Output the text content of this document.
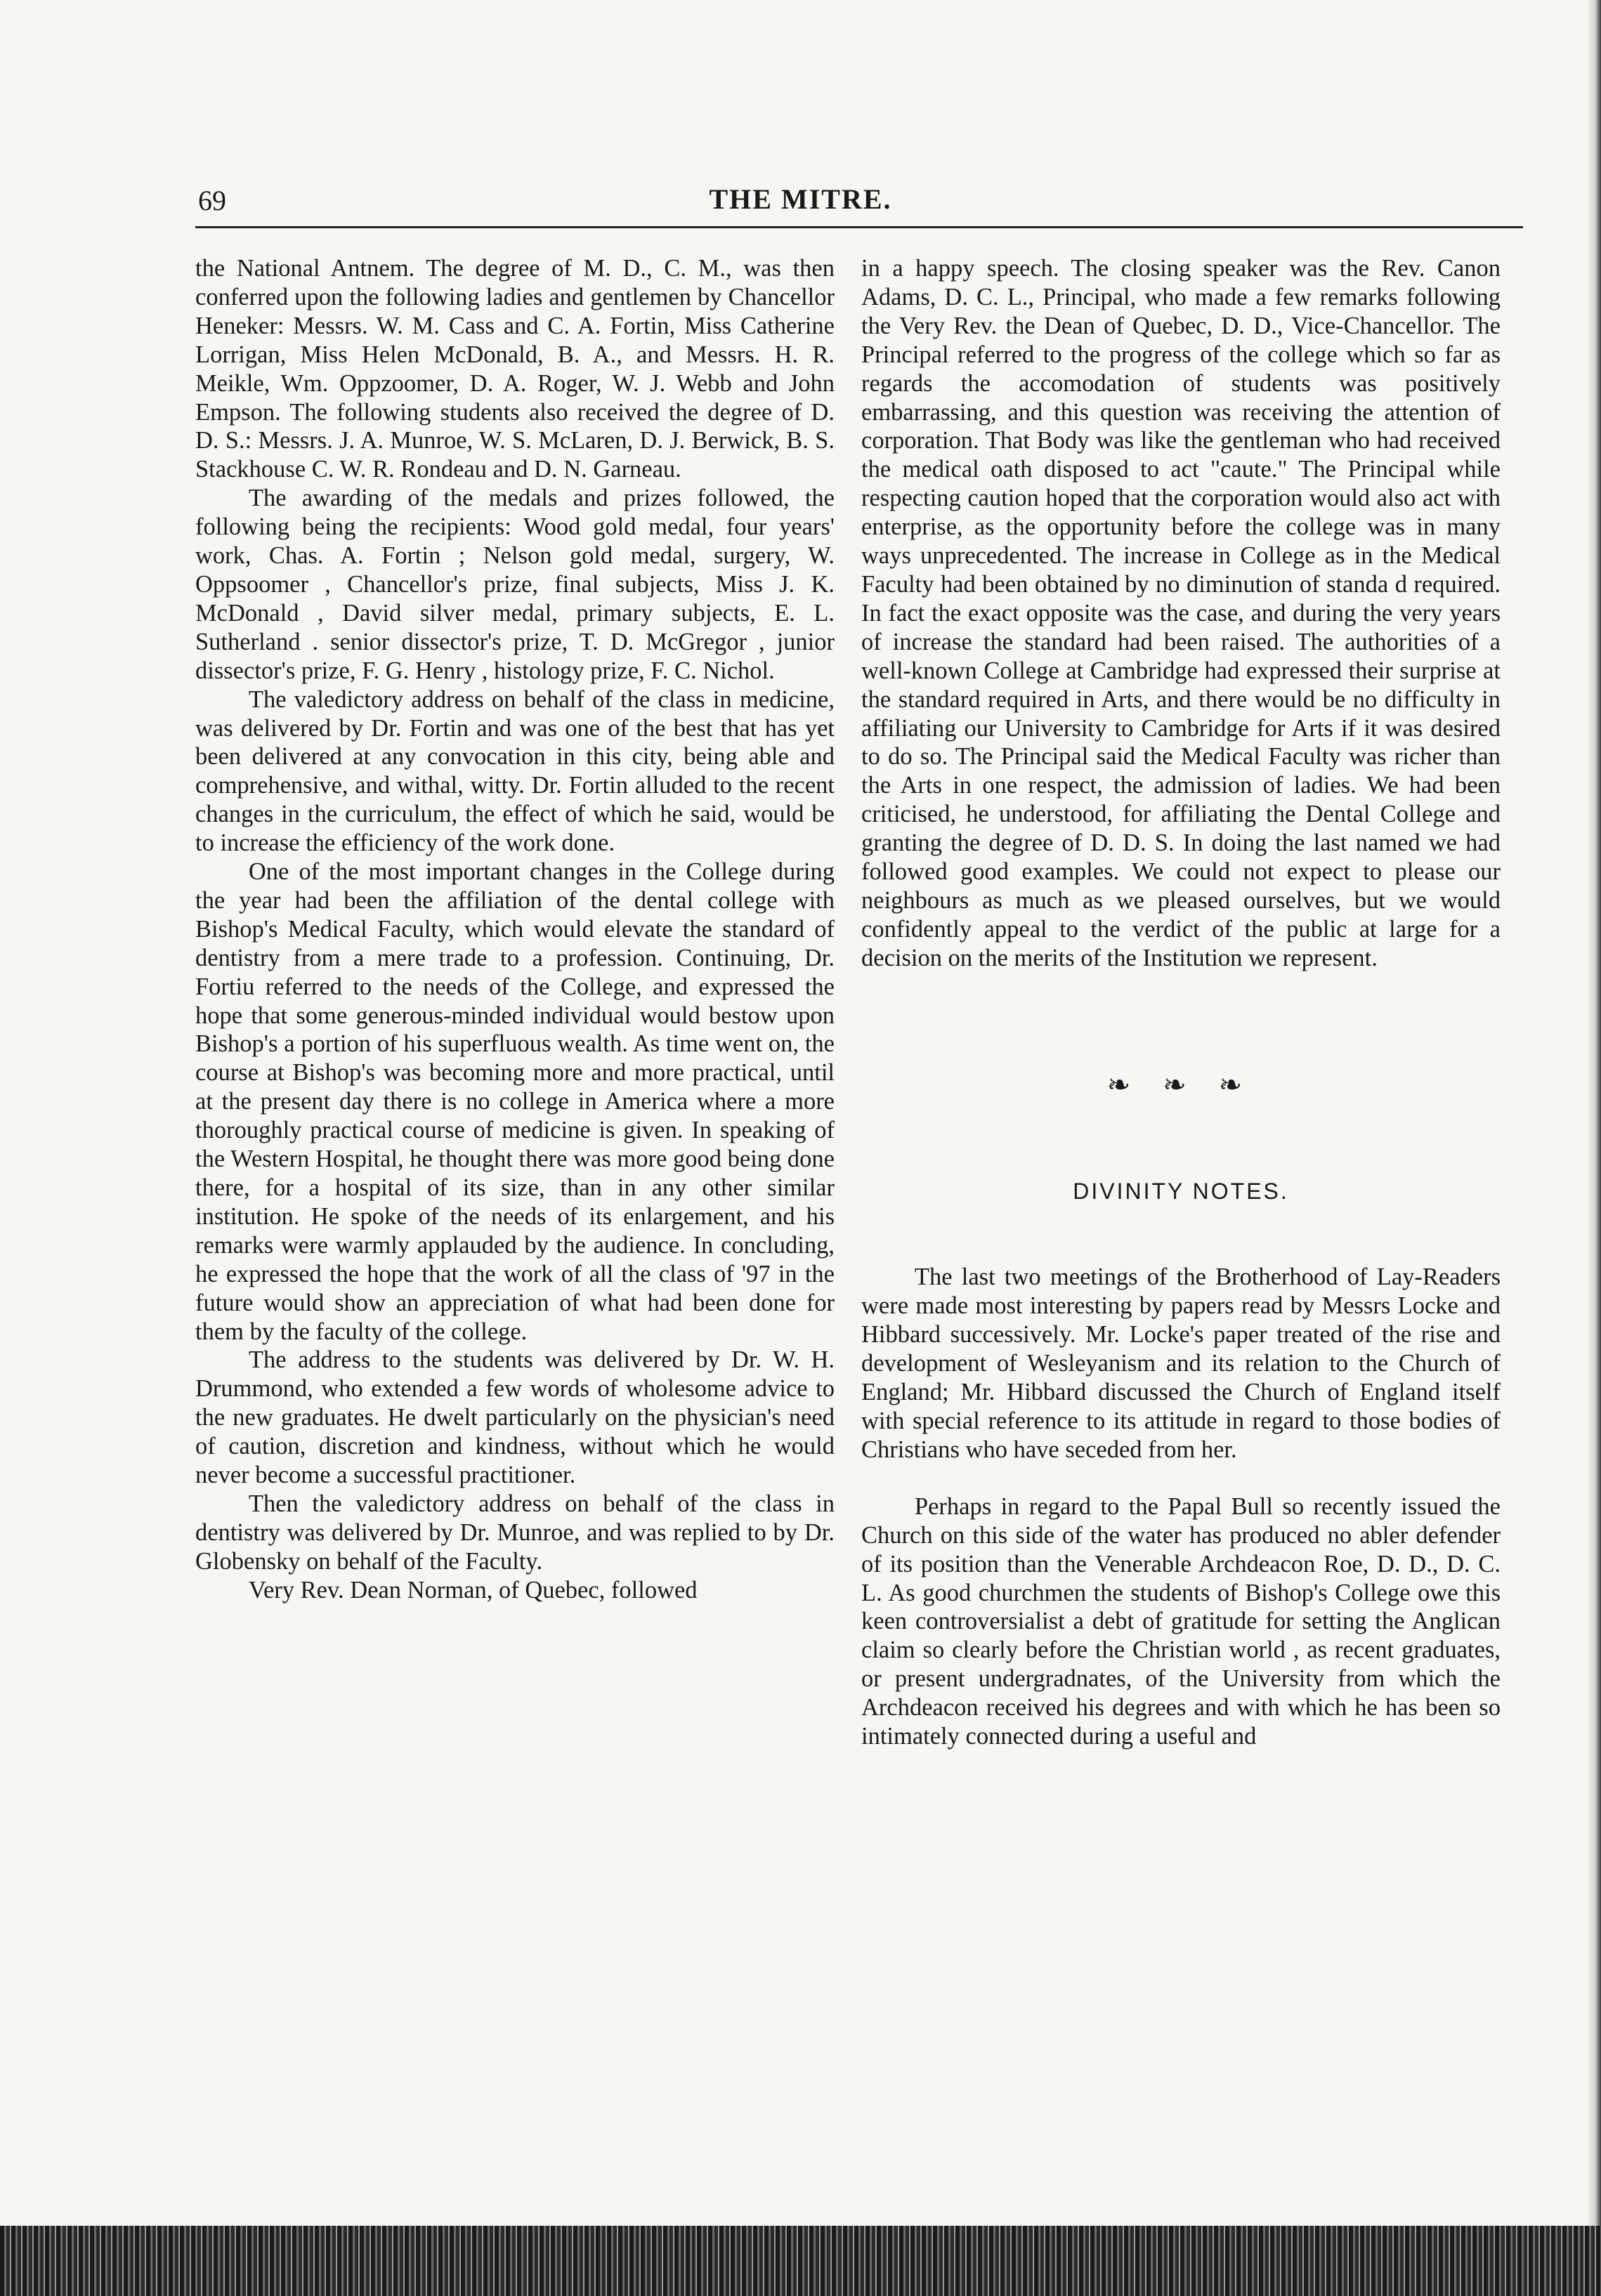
69	THE MITRE.

the National Antnem. The degree of M. D., C. M., was then conferred upon the following ladies and gentlemen by Chancellor Heneker: Messrs. W. M. Cass and C. A. Fortin, Miss Catherine Lorrigan, Miss Helen McDonald, B. A., and Messrs. H. R. Meikle, Wm. Oppzoomer, D. A. Roger, W. J. Webb and John Empson. The following students also received the degree of D. D. S.: Messrs. J. A. Munroe, W. S. McLaren, D. J. Berwick, B. S. Stackhouse C. W. R. Rondeau and D. N. Garneau.

The awarding of the medals and prizes followed, the following being the recipients: Wood gold medal, four years' work, Chas. A. Fortin ; Nelson gold medal, surgery, W. Oppsoomer , Chancellor's prize, final subjects, Miss J. K. McDonald , David silver medal, primary subjects, E. L. Sutherland . senior dissector's prize, T. D. McGregor , junior dissector's prize, F. G. Henry , histology prize, F. C. Nichol.

The valedictory address on behalf of the class in medicine, was delivered by Dr. Fortin and was one of the best that has yet been delivered at any convocation in this city, being able and comprehensive, and withal, witty. Dr. Fortin alluded to the recent changes in the curriculum, the effect of which he said, would be to increase the efficiency of the work done.

One of the most important changes in the College during the year had been the affiliation of the dental college with Bishop's Medical Faculty, which would elevate the standard of dentistry from a mere trade to a profession. Continuing, Dr. Fortiu referred to the needs of the College, and expressed the hope that some generous-minded individual would bestow upon Bishop's a portion of his superfluous wealth. As time went on, the course at Bishop's was becoming more and more practical, until at the present day there is no college in America where a more thoroughly practical course of medicine is given. In speaking of the Western Hospital, he thought there was more good being done there, for a hospital of its size, than in any other similar institution. He spoke of the needs of its enlargement, and his remarks were warmly applauded by the audience. In concluding, he expressed the hope that the work of all the class of '97 in the future would show an appreciation of what had been done for them by the faculty of the college.

The address to the students was delivered by Dr. W. H. Drummond, who extended a few words of wholesome advice to the new graduates. He dwelt particularly on the physician's need of caution, discretion and kindness, without which he would never become a successful practitioner.

Then the valedictory address on behalf of the class in dentistry was delivered by Dr. Munroe, and was replied to by Dr. Globensky on behalf of the Faculty.

Very Rev. Dean Norman, of Quebec, followed

in a happy speech. The closing speaker was the Rev. Canon Adams, D. C. L., Principal, who made a few remarks following the Very Rev. the Dean of Quebec, D. D., Vice-Chancellor. The Principal referred to the progress of the college which so far as regards the accomodation of students was positively embarrassing, and this question was receiving the attention of corporation. That Body was like the gentleman who had received the medical oath disposed to act "caute." The Principal while respecting caution hoped that the corporation would also act with enterprise, as the opportunity before the college was in many ways unprecedented. The increase in College as in the Medical Faculty had been obtained by no diminution of standa d required. In fact the exact opposite was the case, and during the very years of increase the standard had been raised. The authorities of a well-known College at Cambridge had expressed their surprise at the standard required in Arts, and there would be no difficulty in affiliating our University to Cambridge for Arts if it was desired to do so. The Principal said the Medical Faculty was richer than the Arts in one respect, the admission of ladies. We had been criticised, he understood, for affiliating the Dental College and granting the degree of D. D. S. In doing the last named we had followed good examples. We could not expect to please our neighbours as much as we pleased ourselves, but we would confidently appeal to the verdict of the public at large for a decision on the merits of the Institution we represent.

❧ ❧ ❧
DIVINITY NOTES.

The last two meetings of the Brotherhood of Lay-Readers were made most interesting by papers read by Messrs Locke and Hibbard successively. Mr. Locke's paper treated of the rise and development of Wesleyanism and its relation to the Church of England; Mr. Hibbard discussed the Church of England itself with special reference to its attitude in regard to those bodies of Christians who have seceded from her.

Perhaps in regard to the Papal Bull so recently issued the Church on this side of the water has produced no abler defender of its position than the Venerable Archdeacon Roe, D. D., D. C. L. As good churchmen the students of Bishop's College owe this keen controversialist a debt of gratitude for setting the Anglican claim so clearly before the Christian world , as recent graduates, or present undergradnates, of the University from which the Archdeacon received his degrees and with which he has been so intimately connected during a useful and
